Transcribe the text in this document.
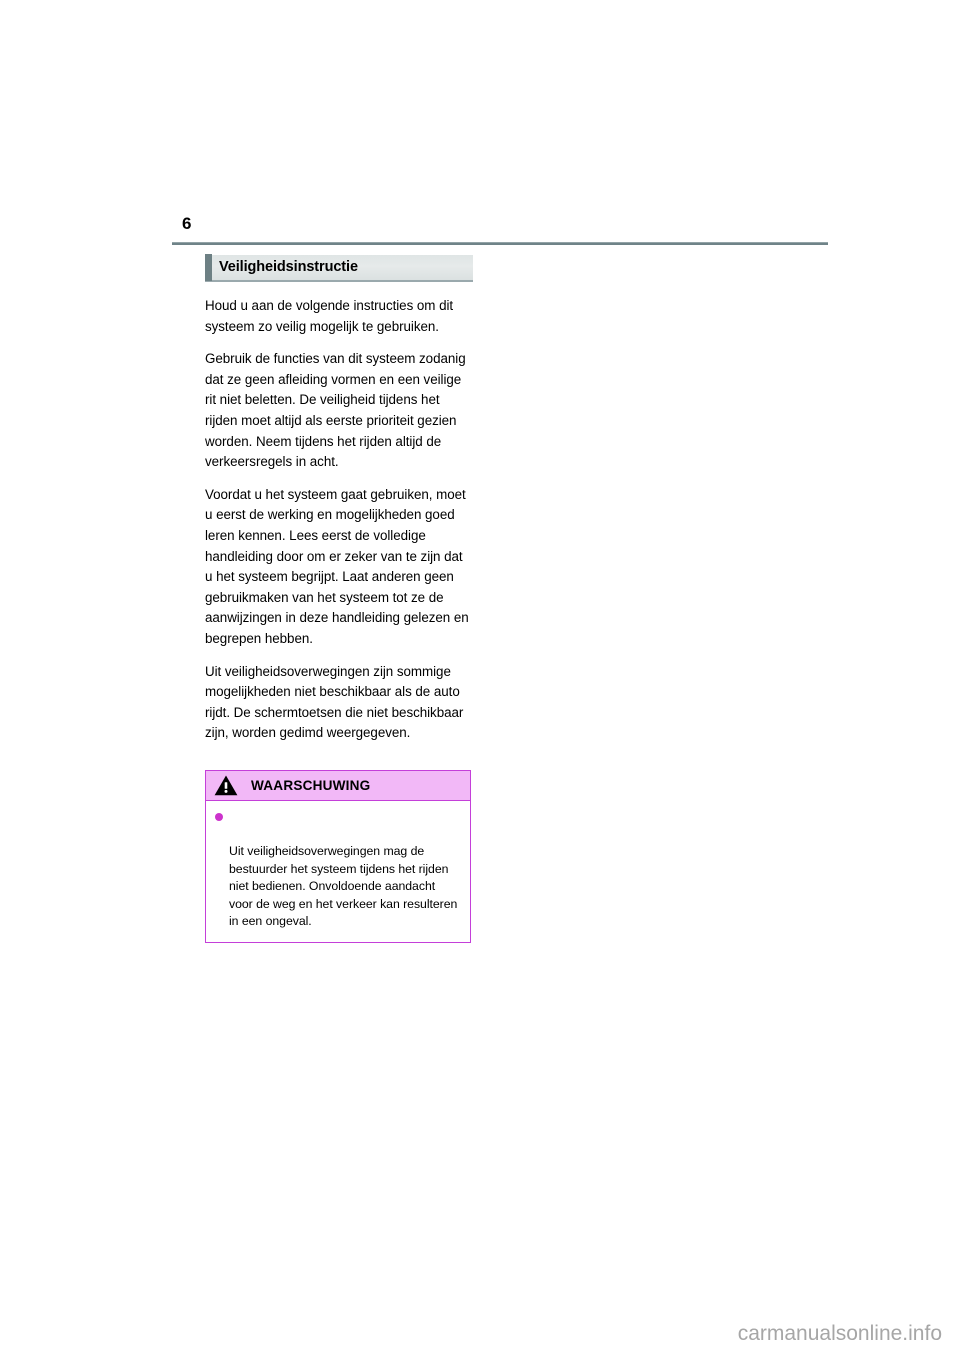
6
Veiligheidsinstructie

Houd u aan de volgende instructies om dit systeem zo veilig mogelijk te gebruiken.

Gebruik de functies van dit systeem zodanig dat ze geen afleiding vormen en een veilige rit niet beletten. De veiligheid tijdens het rijden moet altijd als eerste prioriteit gezien worden. Neem tijdens het rijden altijd de verkeersregels in acht.

Voordat u het systeem gaat gebruiken, moet u eerst de werking en mogelijkheden goed leren kennen. Lees eerst de volledige handleiding door om er zeker van te zijn dat u het systeem begrijpt. Laat anderen geen gebruikmaken van het systeem tot ze de aanwijzingen in deze handleiding gelezen en begrepen hebben.

Uit veiligheidsoverwegingen zijn sommige mogelijkheden niet beschikbaar als de auto rijdt. De schermtoetsen die niet beschikbaar zijn, worden gedimd weergegeven.

WAARSCHUWING

Uit veiligheidsoverwegingen mag de bestuurder het systeem tijdens het rijden niet bedienen. Onvoldoende aandacht voor de weg en het verkeer kan resulteren in een ongeval.

carmanualsonline.info
